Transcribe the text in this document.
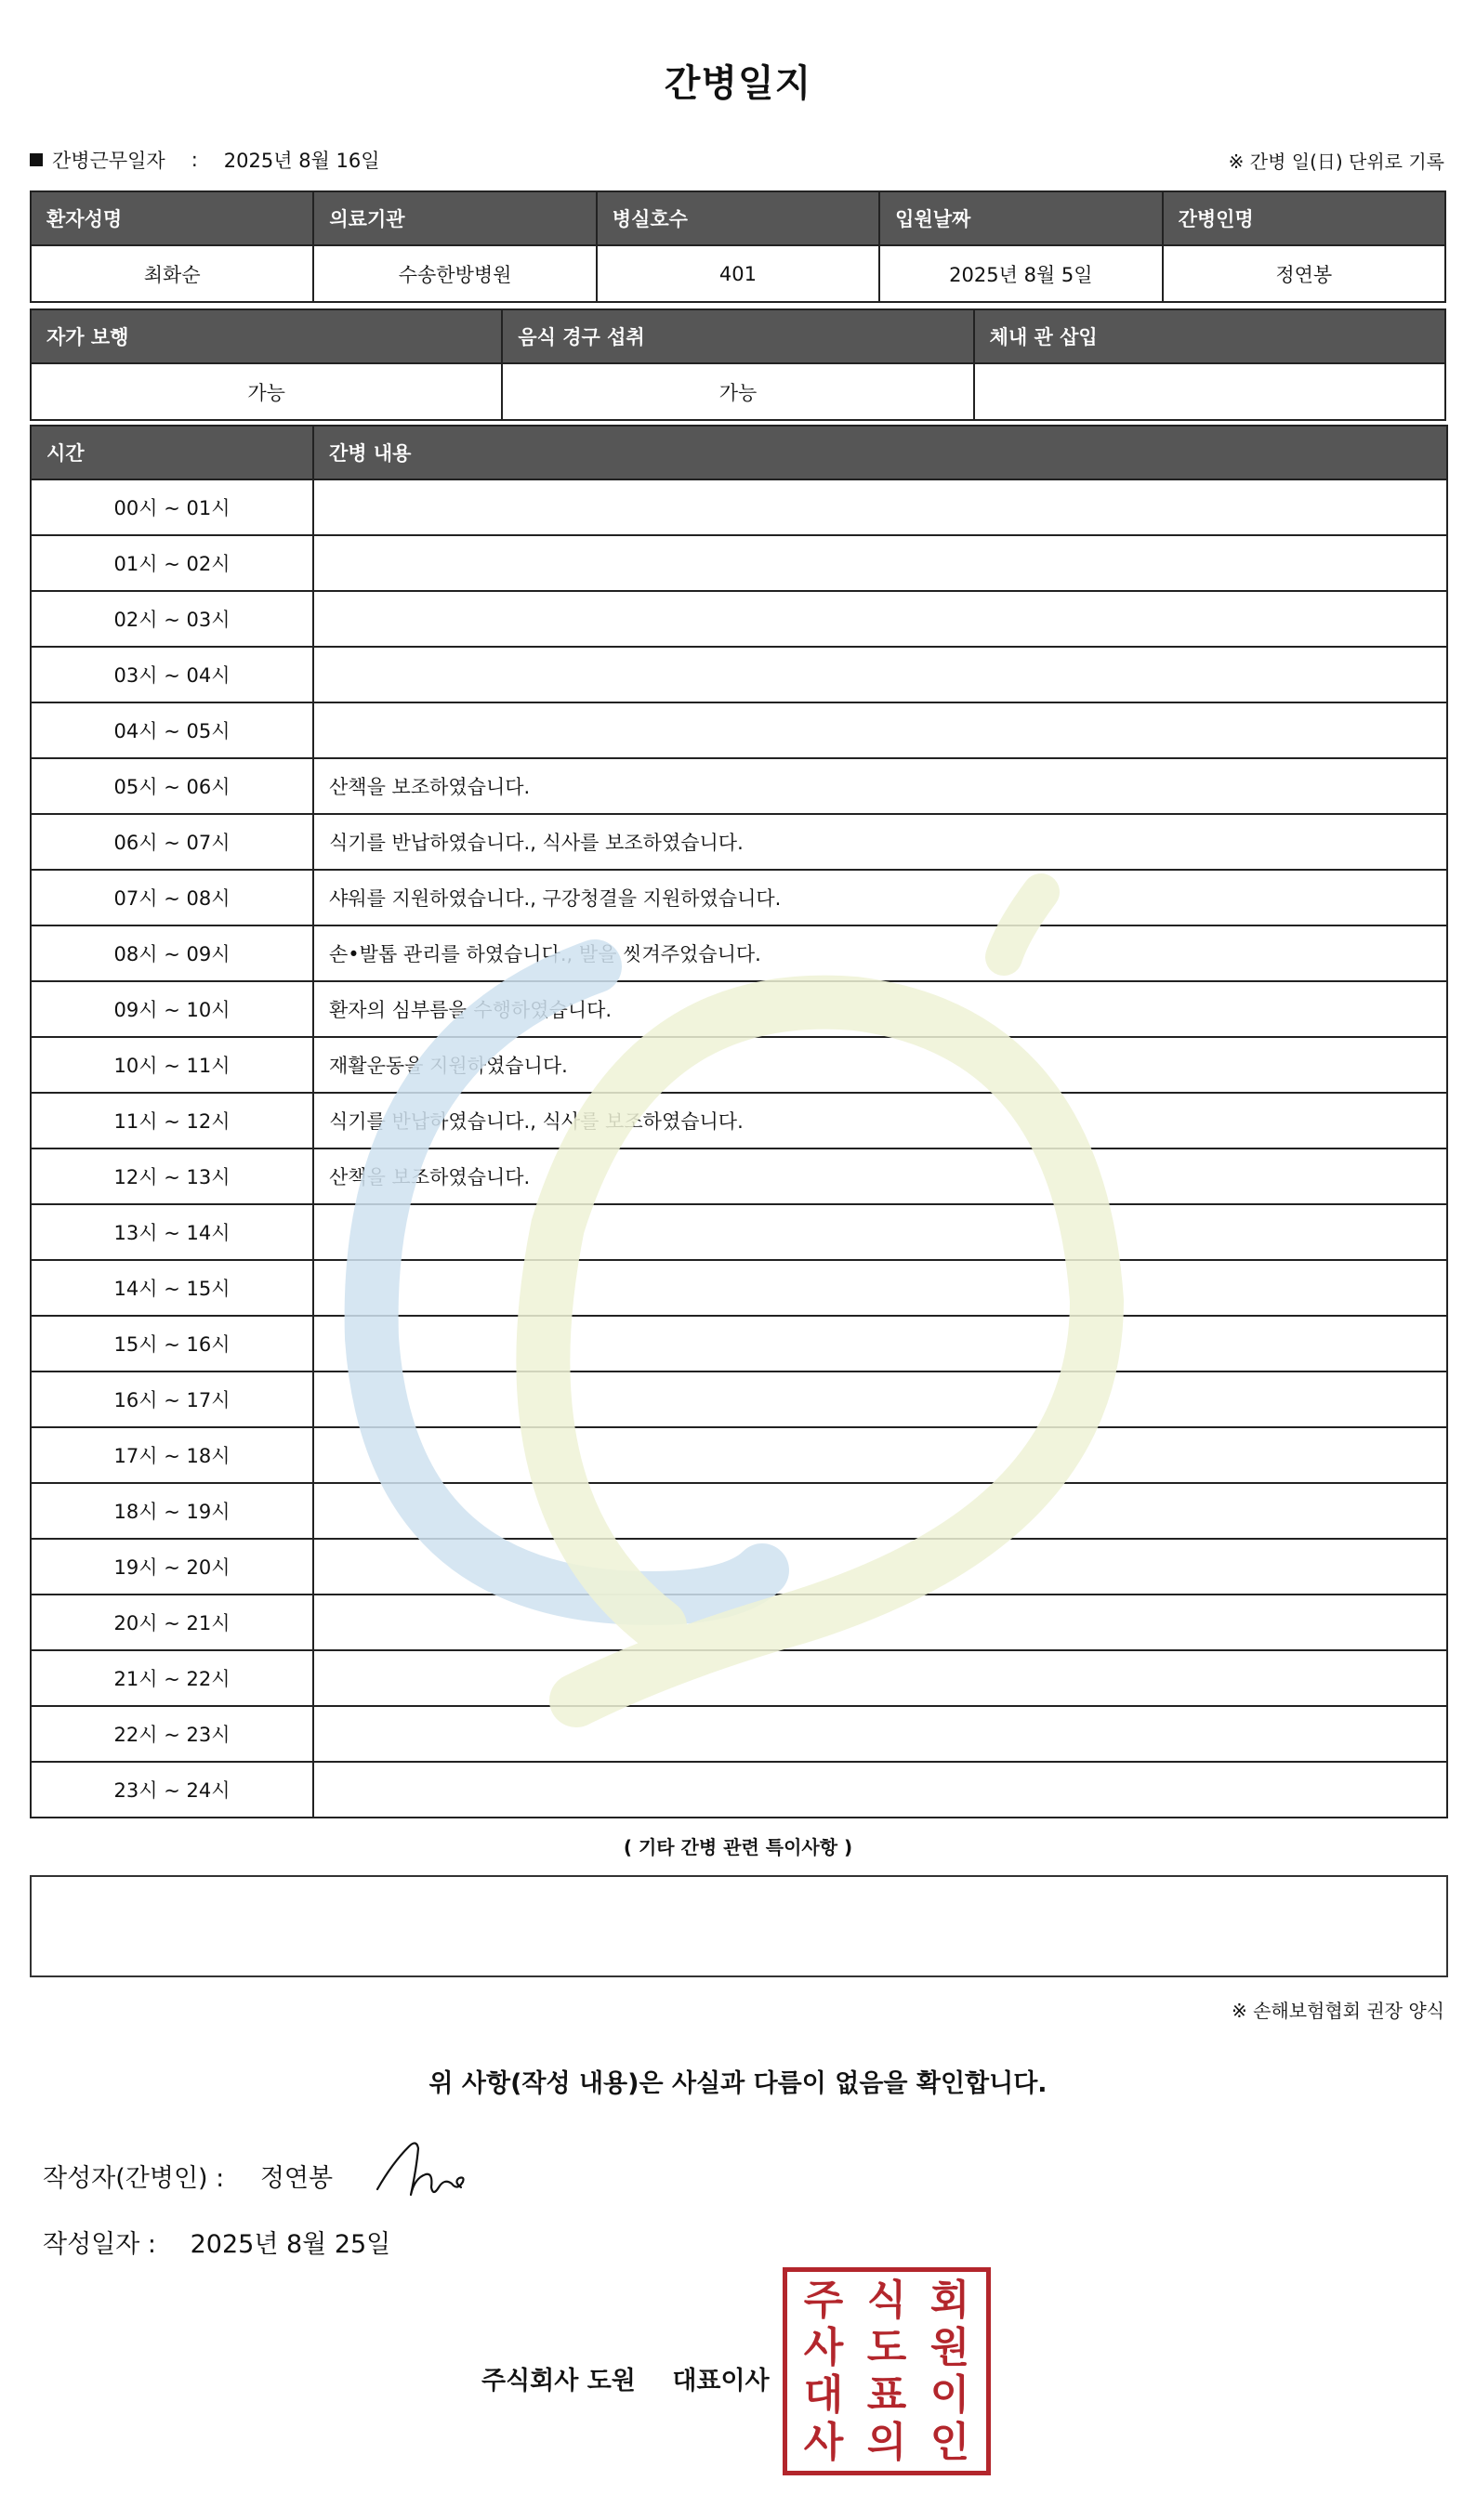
간병일지
간병근무일자 : 2025년 8월 16일	※ 간병 일(日) 단위로 기록
환자성명	의료기관	병실호수	입원날짜	간병인명
최화순	수송한방병원	401	2025년 8월 5일	정연봉
자가 보행	음식 경구 섭취	체내 관 삽입
가능	가능	
시간	간병 내용
00시 ~ 01시	
01시 ~ 02시	
02시 ~ 03시	
03시 ~ 04시	
04시 ~ 05시	
05시 ~ 06시	산책을 보조하였습니다.
06시 ~ 07시	식기를 반납하였습니다., 식사를 보조하였습니다.
07시 ~ 08시	샤워를 지원하였습니다., 구강청결을 지원하였습니다.
08시 ~ 09시	손•발톱 관리를 하였습니다., 발을 씻겨주었습니다.
09시 ~ 10시	환자의 심부름을 수행하였습니다.
10시 ~ 11시	재활운동을 지원하였습니다.
11시 ~ 12시	식기를 반납하였습니다., 식사를 보조하였습니다.
12시 ~ 13시	산책을 보조하였습니다.
13시 ~ 14시	
14시 ~ 15시	
15시 ~ 16시	
16시 ~ 17시	
17시 ~ 18시	
18시 ~ 19시	
19시 ~ 20시	
20시 ~ 21시	
21시 ~ 22시	
22시 ~ 23시	
23시 ~ 24시	
( 기타 간병 관련 특이사항 )
※ 손해보험협회 권장 양식
위 사항(작성 내용)은 사실과 다름이 없음을 확인합니다.
작성자(간병인) : 정연봉
작성일자 : 2025년 8월 25일
주식회사 도원 대표이사
주 식 회
사 도 원
대 표 이
사 의 인
